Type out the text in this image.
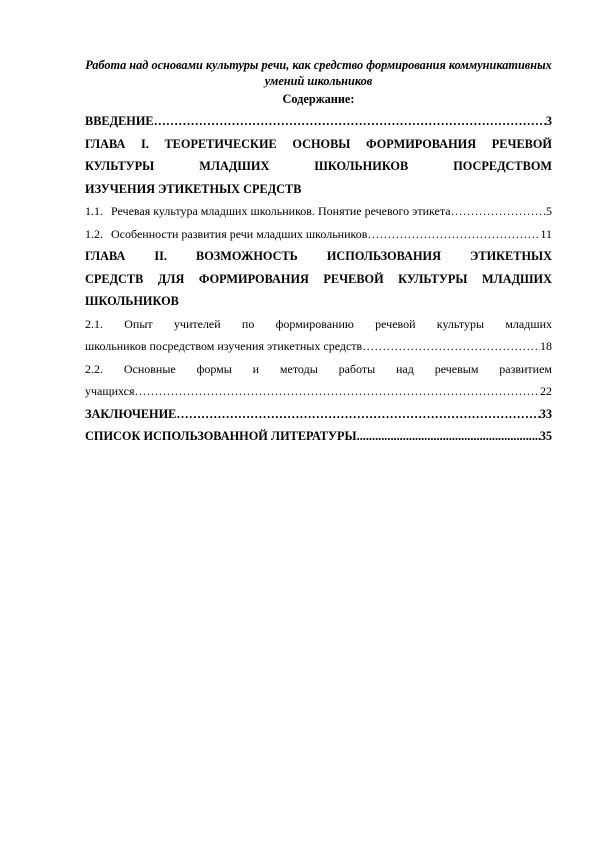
Работа над основами культуры речи, как средство формирования коммуникативных умений школьников

Содержание:

ВВЕДЕНИЕ …………………………………………………………………………………………………………………………………………………………	3
ГЛАВА I. ТЕОРЕТИЧЕСКИЕ ОСНОВЫ ФОРМИРОВАНИЯ РЕЧЕВОЙ
КУЛЬТУРЫ МЛАДШИХ ШКОЛЬНИКОВ ПОСРЕДСТВОМ
ИЗУЧЕНИЯ ЭТИКЕТНЫХ СРЕДСТВ
1.1. Речевая культура младших школьников. Понятие речевого этикета …………………………………………………………………………………………………………………………………………………………	5
1.2. Особенности развития речи младших школьников …………………………………………………………………………………………………………………………………………………………	11
ГЛАВА II. ВОЗМОЖНОСТЬ ИСПОЛЬЗОВАНИЯ ЭТИКЕТНЫХ
СРЕДСТВ ДЛЯ ФОРМИРОВАНИЯ РЕЧЕВОЙ КУЛЬТУРЫ МЛАДШИХ
ШКОЛЬНИКОВ
2.1. Опыт учителей по формированию речевой культуры младших
школьников посредством изучения этикетных средств …………………………………………………………………………………………………………………………………………………………	18
2.2. Основные формы и методы работы над речевым развитием
учащихся …………………………………………………………………………………………………………………………………………………………	22
ЗАКЛЮЧЕНИЕ …………………………………………………………………………………………………………………………………………………………	33
СПИСОК ИСПОЛЬЗОВАННОЙ ЛИТЕРАТУРЫ .....	35
